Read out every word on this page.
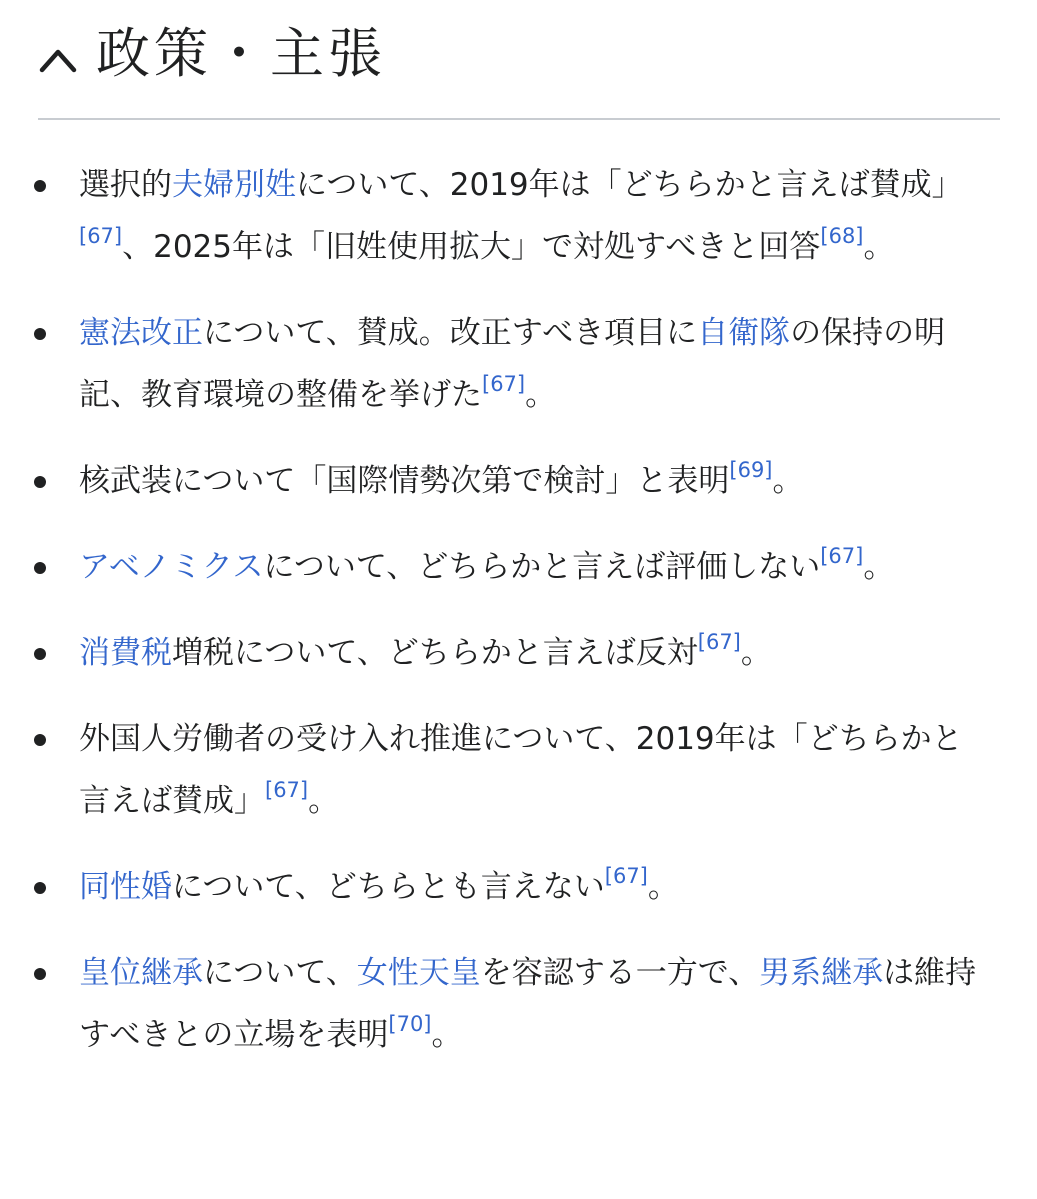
政策・主張
選択的夫婦別姓について、2019年は「どちらかと言えば賛成」[67]、2025年は「旧姓使用拡大」で対処すべきと回答[68]。
憲法改正について、賛成。改正すべき項目に自衛隊の保持の明記、教育環境の整備を挙げた[67]。
核武装について「国際情勢次第で検討」と表明[69]。
アベノミクスについて、どちらかと言えば評価しない[67]。
消費税増税について、どちらかと言えば反対[67]。
外国人労働者の受け入れ推進について、2019年は「どちらかと言えば賛成」[67]。
同性婚について、どちらとも言えない[67]。
皇位継承について、女性天皇を容認する一方で、男系継承は維持すべきとの立場を表明[70]。
